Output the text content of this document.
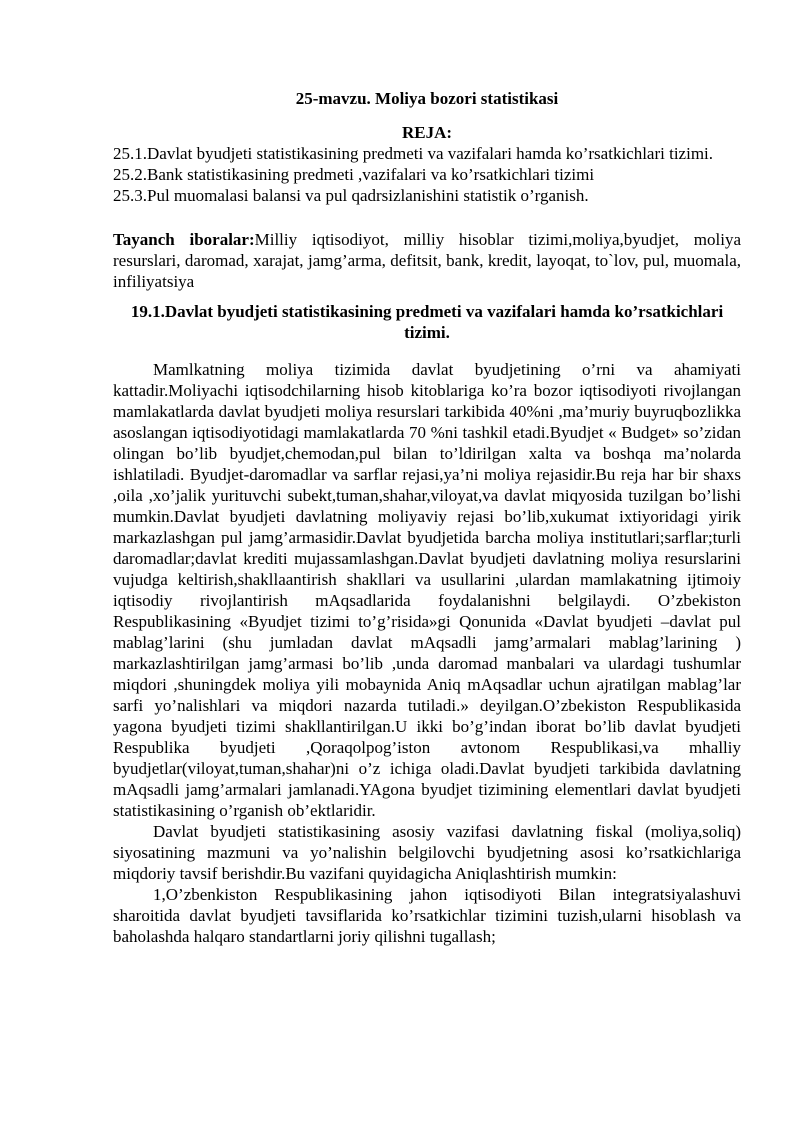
25-mavzu. Moliya bozori statistikasi
REJA:

25.1.Davlat byudjeti statistikasining predmeti va vazifalari hamda ko’rsatkichlari tizimi.

25.2.Bank statistikasining predmeti ,vazifalari va ko’rsatkichlari tizimi

25.3.Pul muomalasi balansi va pul qadrsizlanishini statistik o’rganish.

Tayanch iboralar:Milliy iqtisodiyot, milliy hisoblar tizimi,moliya,byudjet, moliya resurslari, daromad, xarajat, jamg’arma, defitsit, bank, kredit, layoqat, to`lov, pul, muomala, infiliyatsiya

19.1.Davlat byudjeti statistikasining predmeti va vazifalari hamda ko’rsatkichlari tizimi.

Mamlkatning moliya tizimida davlat byudjetining o’rni va ahamiyati kattadir.Moliyachi iqtisodchilarning hisob kitoblariga ko’ra bozor iqtisodiyoti rivojlangan mamlakatlarda davlat byudjeti moliya resurslari tarkibida 40%ni ,ma’muriy buyruqbozlikka asoslangan iqtisodiyotidagi mamlakatlarda 70 %ni tashkil etadi.Byudjet « Budget» so’zidan olingan bo’lib byudjet,chemodan,pul bilan to’ldirilgan xalta va boshqa ma’nolarda ishlatiladi. Byudjet-daromadlar va sarflar rejasi,ya’ni moliya rejasidir.Bu reja har bir shaxs ,oila ,xo’jalik yurituvchi subekt,tuman,shahar,viloyat,va davlat miqyosida tuzilgan bo’lishi mumkin.Davlat byudjeti davlatning moliyaviy rejasi bo’lib,xukumat ixtiyoridagi yirik markazlashgan pul jamg’armasidir.Davlat byudjetida barcha moliya institutlari;sarflar;turli daromadlar;davlat krediti mujassamlashgan.Davlat byudjeti davlatning moliya resurslarini vujudga keltirish,shakllaantirish shakllari va usullarini ,ulardan mamlakatning ijtimoiy iqtisodiy rivojlantirish mAqsadlarida foydalanishni belgilaydi. O’zbekiston Respublikasining «Byudjet tizimi to’g’risida»gi Qonunida «Davlat byudjeti –davlat pul mablag’larini (shu jumladan davlat mAqsadli jamg’armalari mablag’larining ) markazlashtirilgan jamg’armasi bo’lib ,unda daromad manbalari va ulardagi tushumlar miqdori ,shuningdek moliya yili mobaynida Aniq mAqsadlar uchun ajratilgan mablag’lar sarfi yo’nalishlari va miqdori nazarda tutiladi.» deyilgan.O’zbekiston Respublikasida yagona byudjeti tizimi shakllantirilgan.U ikki bo’g’indan iborat bo’lib davlat byudjeti Respublika byudjeti ,Qoraqolpog’iston avtonom Respublikasi,va mhalliy byudjetlar(viloyat,tuman,shahar)ni o’z ichiga oladi.Davlat byudjeti tarkibida davlatning mAqsadli jamg’armalari jamlanadi.YAgona byudjet tizimining elementlari davlat byudjeti statistikasining o’rganish ob’ektlaridir.

Davlat byudjeti statistikasining asosiy vazifasi davlatning fiskal (moliya,soliq) siyosatining mazmuni va yo’nalishin belgilovchi byudjetning asosi ko’rsatkichlariga miqdoriy tavsif berishdir.Bu vazifani quyidagicha Aniqlashtirish mumkin:

1,O’zbenkiston Respublikasining jahon iqtisodiyoti Bilan integratsiyalashuvi sharoitida davlat byudjeti tavsiflarida ko’rsatkichlar tizimini tuzish,ularni hisoblash va baholashda halqaro standartlarni joriy qilishni tugallash;
